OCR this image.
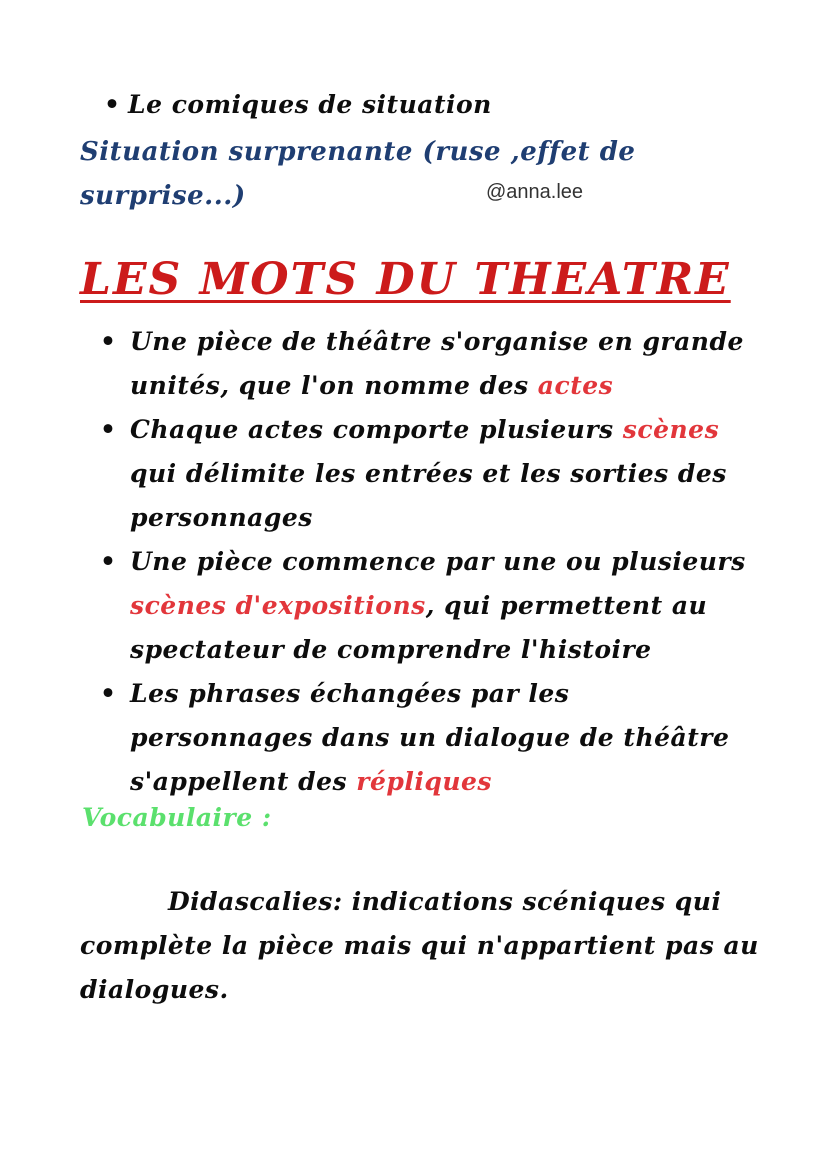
• Le comiques de situation
Situation surprenante (ruse ,effet de surprise...)	@anna.lee
LES MOTS DU THEATRE
• Une pièce de théâtre s'organise en grande unités, que l'on nomme des actes
• Chaque actes comporte plusieurs scènes qui délimite les entrées et les sorties des personnages
• Une pièce commence par une ou plusieurs scènes d'expositions, qui permettent au spectateur de comprendre l'histoire
• Les phrases échangées par les personnages dans un dialogue de théâtre s'appellent des répliques
Vocabulaire :
Didascalies: indications scéniques qui complète la pièce mais qui n'appartient pas au dialogues.
